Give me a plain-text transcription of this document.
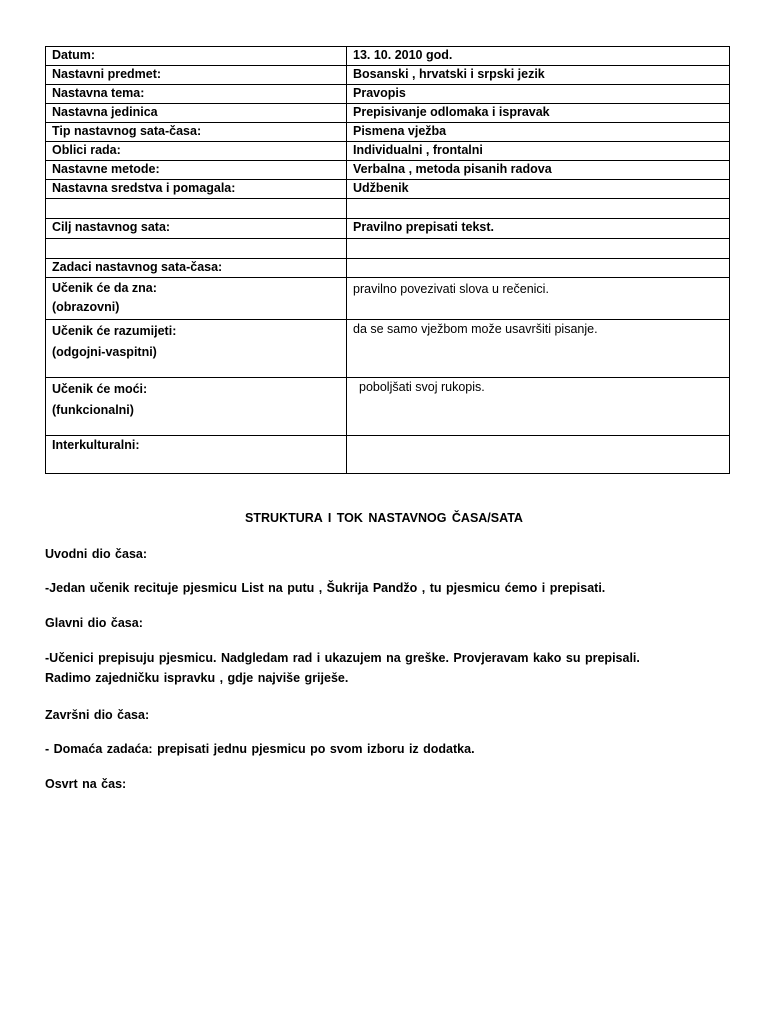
Datum:	13. 10. 2010 god.
Nastavni predmet:	Bosanski , hrvatski i srpski jezik
Nastavna tema:	Pravopis
Nastavna jedinica	Prepisivanje odlomaka i ispravak
Tip nastavnog sata-časa:	Pismena vježba
Oblici rada:	Individualni , frontalni
Nastavne metode:	Verbalna , metoda pisanih radova
Nastavna sredstva i pomagala:	Udžbenik

Cilj nastavnog sata:	Pravilno prepisati tekst.

Zadaci nastavnog sata-časa:	

Učenik će da zna:
(obrazovni)	pravilno povezivati slova u rečenici.

Učenik će razumijeti:
(odgojni-vaspitni)	da se samo vježbom može usavršiti pisanje.

Učenik će moći:
(funkcionalni)	poboljšati svoj rukopis.
Interkulturalni:	
STRUKTURA I TOK NASTAVNOG ČASA/SATA
Uvodni dio časa:
-Jedan učenik recituje pjesmicu List na putu , Šukrija Pandžo , tu pjesmicu ćemo i prepisati.
Glavni dio časa:
-Učenici prepisuju pjesmicu. Nadgledam rad i ukazujem na greške. Provjeravam kako su prepisali.
Radimo zajedničku ispravku , gdje najviše griješe.
Završni dio časa:
- Domaća zadaća: prepisati jednu pjesmicu po svom izboru iz dodatka.
Osvrt na čas:
